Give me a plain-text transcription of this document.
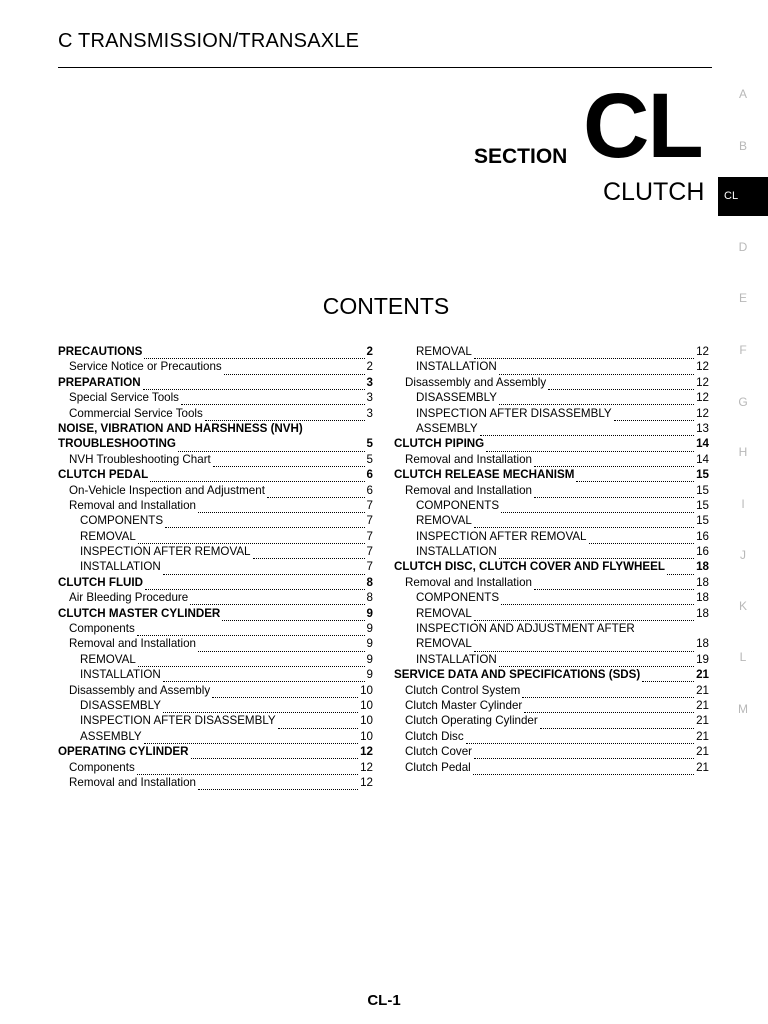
C TRANSMISSION/TRANSAXLE
SECTION CL
CLUTCH
A
B
CL
D
E
F
G
H
I
J
K
L
M
CONTENTS
PRECAUTIONS	2
Service Notice or Precautions	2
PREPARATION	3
Special Service Tools	3
Commercial Service Tools	3
NOISE, VIBRATION AND HARSHNESS (NVH)
TROUBLESHOOTING	5
NVH Troubleshooting Chart	5
CLUTCH PEDAL	6
On-Vehicle Inspection and Adjustment	6
Removal and Installation	7
COMPONENTS	7
REMOVAL	7
INSPECTION AFTER REMOVAL	7
INSTALLATION	7
CLUTCH FLUID	8
Air Bleeding Procedure	8
CLUTCH MASTER CYLINDER	9
Components	9
Removal and Installation	9
REMOVAL	9
INSTALLATION	9
Disassembly and Assembly	10
DISASSEMBLY	10
INSPECTION AFTER DISASSEMBLY	10
ASSEMBLY	10
OPERATING CYLINDER	12
Components	12
Removal and Installation	12
REMOVAL	12
INSTALLATION	12
Disassembly and Assembly	12
DISASSEMBLY	12
INSPECTION AFTER DISASSEMBLY	12
ASSEMBLY	13
CLUTCH PIPING	14
Removal and Installation	14
CLUTCH RELEASE MECHANISM	15
Removal and Installation	15
COMPONENTS	15
REMOVAL	15
INSPECTION AFTER REMOVAL	16
INSTALLATION	16
CLUTCH DISC, CLUTCH COVER AND FLYWHEEL	18
Removal and Installation	18
COMPONENTS	18
REMOVAL	18
INSPECTION AND ADJUSTMENT AFTER
REMOVAL	18
INSTALLATION	19
SERVICE DATA AND SPECIFICATIONS (SDS)	21
Clutch Control System	21
Clutch Master Cylinder	21
Clutch Operating Cylinder	21
Clutch Disc	21
Clutch Cover	21
Clutch Pedal	21
CL-1
